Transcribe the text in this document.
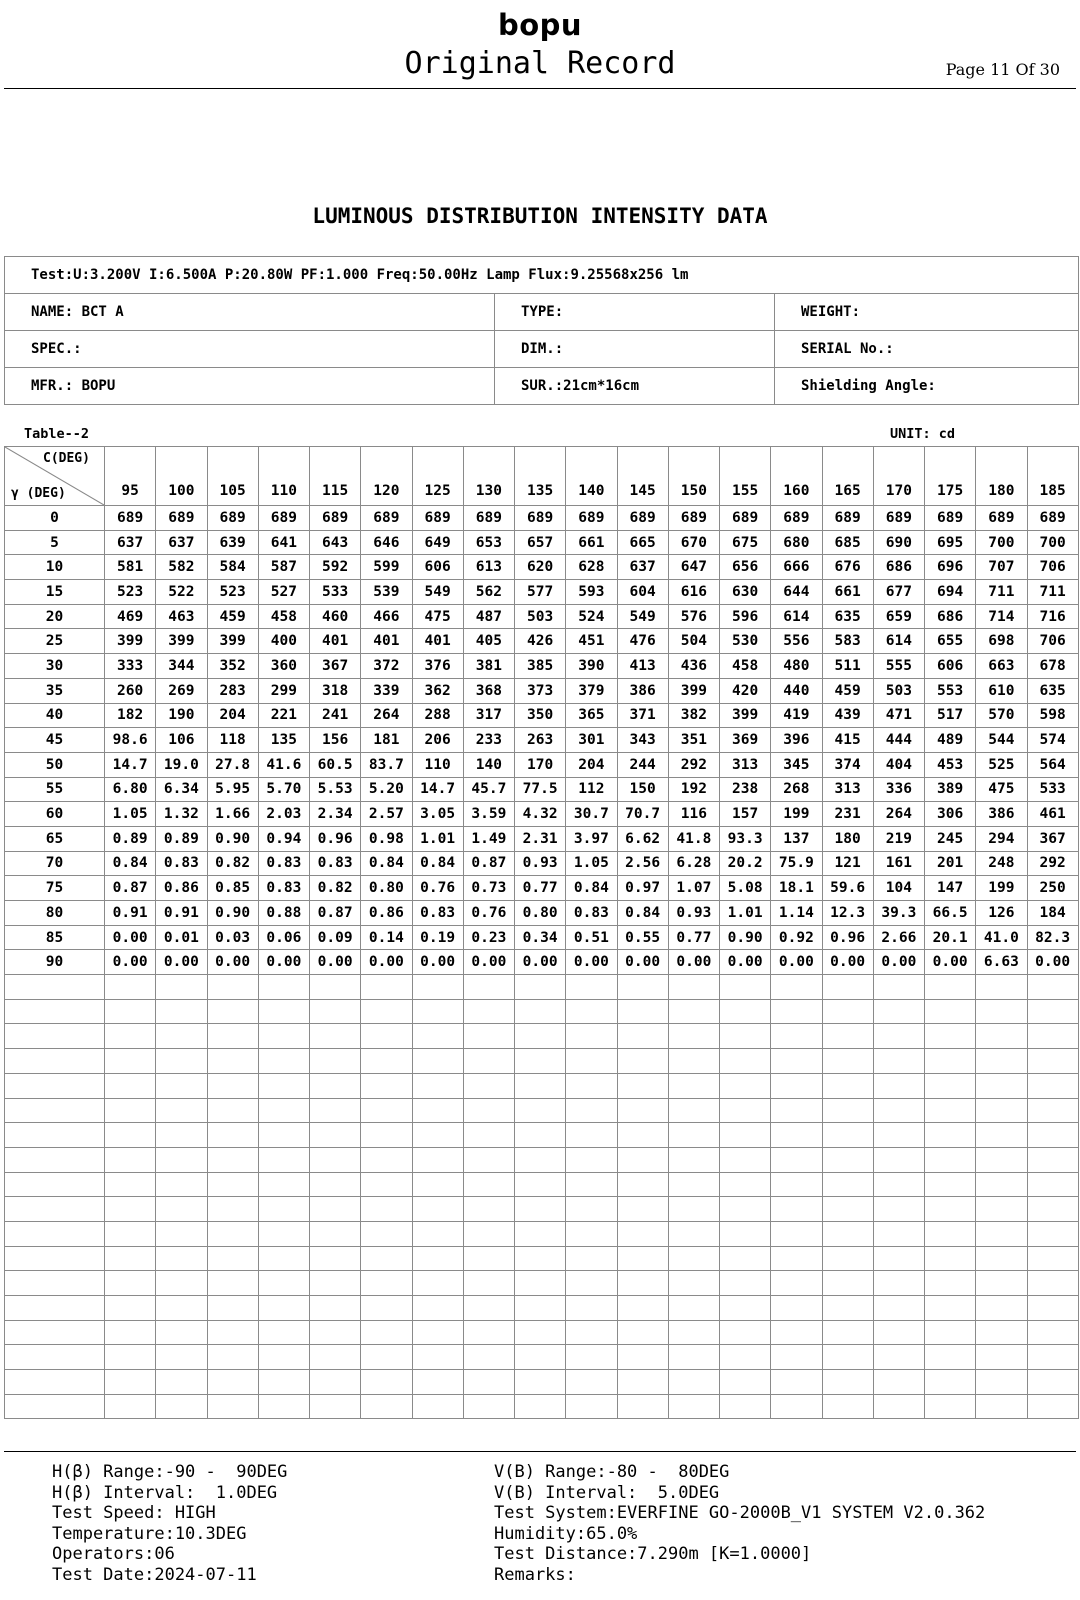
bopu
Original Record	Page 11 Of 30
LUMINOUS DISTRIBUTION INTENSITY DATA
Test:U:3.200V I:6.500A P:20.80W PF:1.000 Freq:50.00Hz Lamp Flux:9.25568x256 lm		
NAME: BCT A	TYPE:	WEIGHT:
SPEC.:	DIM.:	SERIAL No.:
MFR.: BOPU	SUR.:21cm*16cm	Shielding Angle:
Table--2	UNIT: cd
C(DEG)
γ (DEG)	95	100	105	110	115	120	125	130	135	140	145	150	155	160	165	170	175	180	185
0	689	689	689	689	689	689	689	689	689	689	689	689	689	689	689	689	689	689	689
5	637	637	639	641	643	646	649	653	657	661	665	670	675	680	685	690	695	700	700
10	581	582	584	587	592	599	606	613	620	628	637	647	656	666	676	686	696	707	706
15	523	522	523	527	533	539	549	562	577	593	604	616	630	644	661	677	694	711	711
20	469	463	459	458	460	466	475	487	503	524	549	576	596	614	635	659	686	714	716
25	399	399	399	400	401	401	401	405	426	451	476	504	530	556	583	614	655	698	706
30	333	344	352	360	367	372	376	381	385	390	413	436	458	480	511	555	606	663	678
35	260	269	283	299	318	339	362	368	373	379	386	399	420	440	459	503	553	610	635
40	182	190	204	221	241	264	288	317	350	365	371	382	399	419	439	471	517	570	598
45	98.6	106	118	135	156	181	206	233	263	301	343	351	369	396	415	444	489	544	574
50	14.7	19.0	27.8	41.6	60.5	83.7	110	140	170	204	244	292	313	345	374	404	453	525	564
55	6.80	6.34	5.95	5.70	5.53	5.20	14.7	45.7	77.5	112	150	192	238	268	313	336	389	475	533
60	1.05	1.32	1.66	2.03	2.34	2.57	3.05	3.59	4.32	30.7	70.7	116	157	199	231	264	306	386	461
65	0.89	0.89	0.90	0.94	0.96	0.98	1.01	1.49	2.31	3.97	6.62	41.8	93.3	137	180	219	245	294	367
70	0.84	0.83	0.82	0.83	0.83	0.84	0.84	0.87	0.93	1.05	2.56	6.28	20.2	75.9	121	161	201	248	292
75	0.87	0.86	0.85	0.83	0.82	0.80	0.76	0.73	0.77	0.84	0.97	1.07	5.08	18.1	59.6	104	147	199	250
80	0.91	0.91	0.90	0.88	0.87	0.86	0.83	0.76	0.80	0.83	0.84	0.93	1.01	1.14	12.3	39.3	66.5	126	184
85	0.00	0.01	0.03	0.06	0.09	0.14	0.19	0.23	0.34	0.51	0.55	0.77	0.90	0.92	0.96	2.66	20.1	41.0	82.3
90	0.00	0.00	0.00	0.00	0.00	0.00	0.00	0.00	0.00	0.00	0.00	0.00	0.00	0.00	0.00	0.00	0.00	6.63	0.00

H(β) Range:-90 -  90DEG
H(β) Interval:  1.0DEG
Test Speed: HIGH
Temperature:10.3DEG
Operators:06
Test Date:2024-07-11
V(B) Range:-80 -  80DEG
V(B) Interval:  5.0DEG
Test System:EVERFINE GO-2000B_V1 SYSTEM V2.0.362
Humidity:65.0%
Test Distance:7.290m [K=1.0000]
Remarks:
